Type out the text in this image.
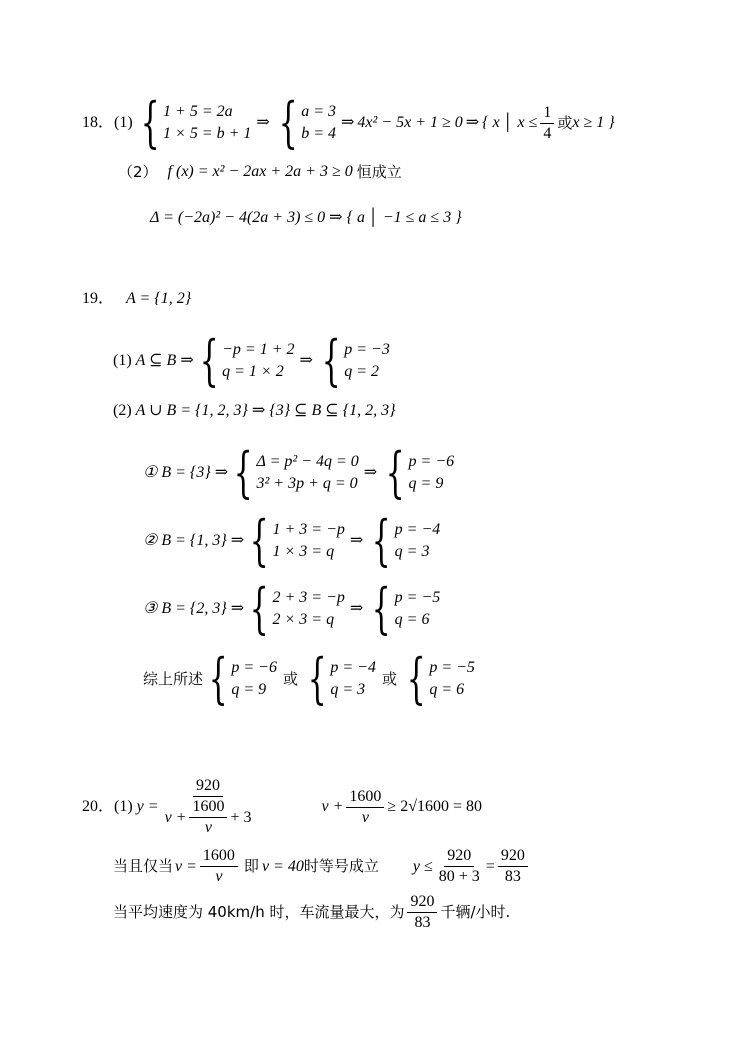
18． (1) { 1 + 5 = 2a
1 × 5 = b + 1
⇒ { a = 3
b = 4
⇒ 4x² − 5x + 1 ≥ 0 ⇒ { x │ $x \le \frac{1}{4}$ 或 x ≥ 1 }
（2） f (x) = x² − 2ax + 2a + 3 ≥ 0 恒成立
Δ = (−2a)² − 4(2a + 3) ≤ 0 ⇒ { a │ −1 ≤ a ≤ 3 }
19． A = {1, 2}
(1) A ⊆ B ⇒ { −p = 1 + 2
q = 1 × 2
⇒ { p = −3
q = 2
(2) A ∪ B = {1, 2, 3} ⇒ {3} ⊆ B ⊆ {1, 2, 3}
① B = {3} ⇒ { Δ = p² − 4q = 0
3² + 3p + q = 0
⇒ { p = −6
q = 9
② B = {1, 3} ⇒ { 1 + 3 = −p
1 × 3 = q
⇒ { p = −4
q = 3
③ B = {2, 3} ⇒ { 2 + 3 = −p
2 × 3 = q
⇒ { p = −5
q = 6
综上所述 { p = −6
q = 9
或 { p = −4
q = 3
或 { p = −5
q = 6
20． (1) $y = \frac{920}{v + \frac{1600}{v} + 3}$	$v + \frac{1600}{v} \ge 2√1600 = 80$
当且仅当 $v = \frac{1600}{v}$ 即 v = 40 时等号成立 $y \le \frac{920}{80 + 3} = \frac{920}{83}$
当平均速度为 40km/h 时，车流量最大，为 $\frac{920}{83}$ 千辆/小时.
